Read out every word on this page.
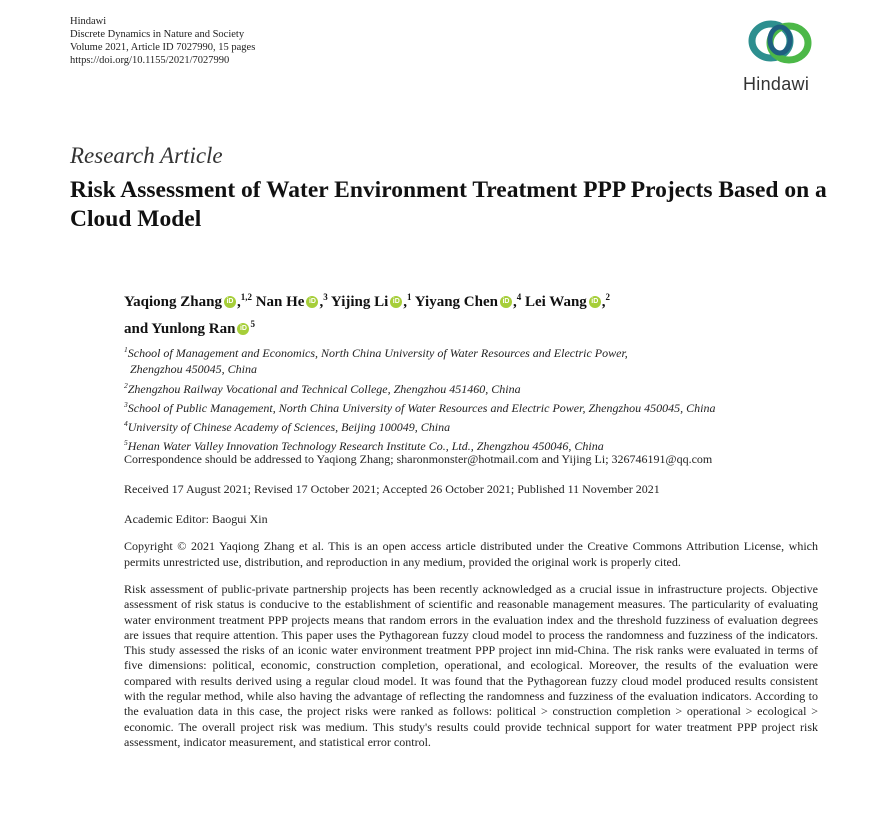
Hindawi
Discrete Dynamics in Nature and Society
Volume 2021, Article ID 7027990, 15 pages
https://doi.org/10.1155/2021/7027990
Hindawi
Research Article
Risk Assessment of Water Environment Treatment PPP Projects Based on a Cloud Model
Yaqiong Zhang iD ,$^{1,2}$ Nan He iD ,$^3$ Yijing Li iD ,$^1$ Yiyang Chen iD ,$^4$ Lei Wang iD ,$^2$
and Yunlong Ran iD $^5$
$^1$School of Management and Economics, North China University of Water Resources and Electric Power,
Zhengzhou 450045, China
$^2$Zhengzhou Railway Vocational and Technical College, Zhengzhou 451460, China
$^3$School of Public Management, North China University of Water Resources and Electric Power, Zhengzhou 450045, China
$^4$University of Chinese Academy of Sciences, Beijing 100049, China
$^5$Henan Water Valley Innovation Technology Research Institute Co., Ltd., Zhengzhou 450046, China
Correspondence should be addressed to Yaqiong Zhang; sharonmonster@hotmail.com and Yijing Li; 326746191@qq.com
Received 17 August 2021; Revised 17 October 2021; Accepted 26 October 2021; Published 11 November 2021
Academic Editor: Baogui Xin
Copyright © 2021 Yaqiong Zhang et al. This is an open access article distributed under the Creative Commons Attribution License, which permits unrestricted use, distribution, and reproduction in any medium, provided the original work is properly cited.
Risk assessment of public-private partnership projects has been recently acknowledged as a crucial issue in infrastructure projects. Objective assessment of risk status is conducive to the establishment of scientific and reasonable management measures. The particularity of evaluating water environment treatment PPP projects means that random errors in the evaluation index and the threshold fuzziness of evaluation degrees are issues that require attention. This paper uses the Pythagorean fuzzy cloud model to process the randomness and fuzziness of the indicators. This study assessed the risks of an iconic water environment treatment PPP project inn mid-China. The risk ranks were evaluated in terms of five dimensions: political, economic, construction completion, operational, and ecological. Moreover, the results of the evaluation were compared with results derived using a regular cloud model. It was found that the Pythagorean fuzzy cloud model produced results consistent with the regular method, while also having the advantage of reflecting the randomness and fuzziness of the evaluation indicators. According to the evaluation data in this case, the project risks were ranked as follows: political > construction completion > operational > ecological > economic. The overall project risk was medium. This study's results could provide technical support for water treatment PPP project risk assessment, indicator measurement, and statistical error control.
